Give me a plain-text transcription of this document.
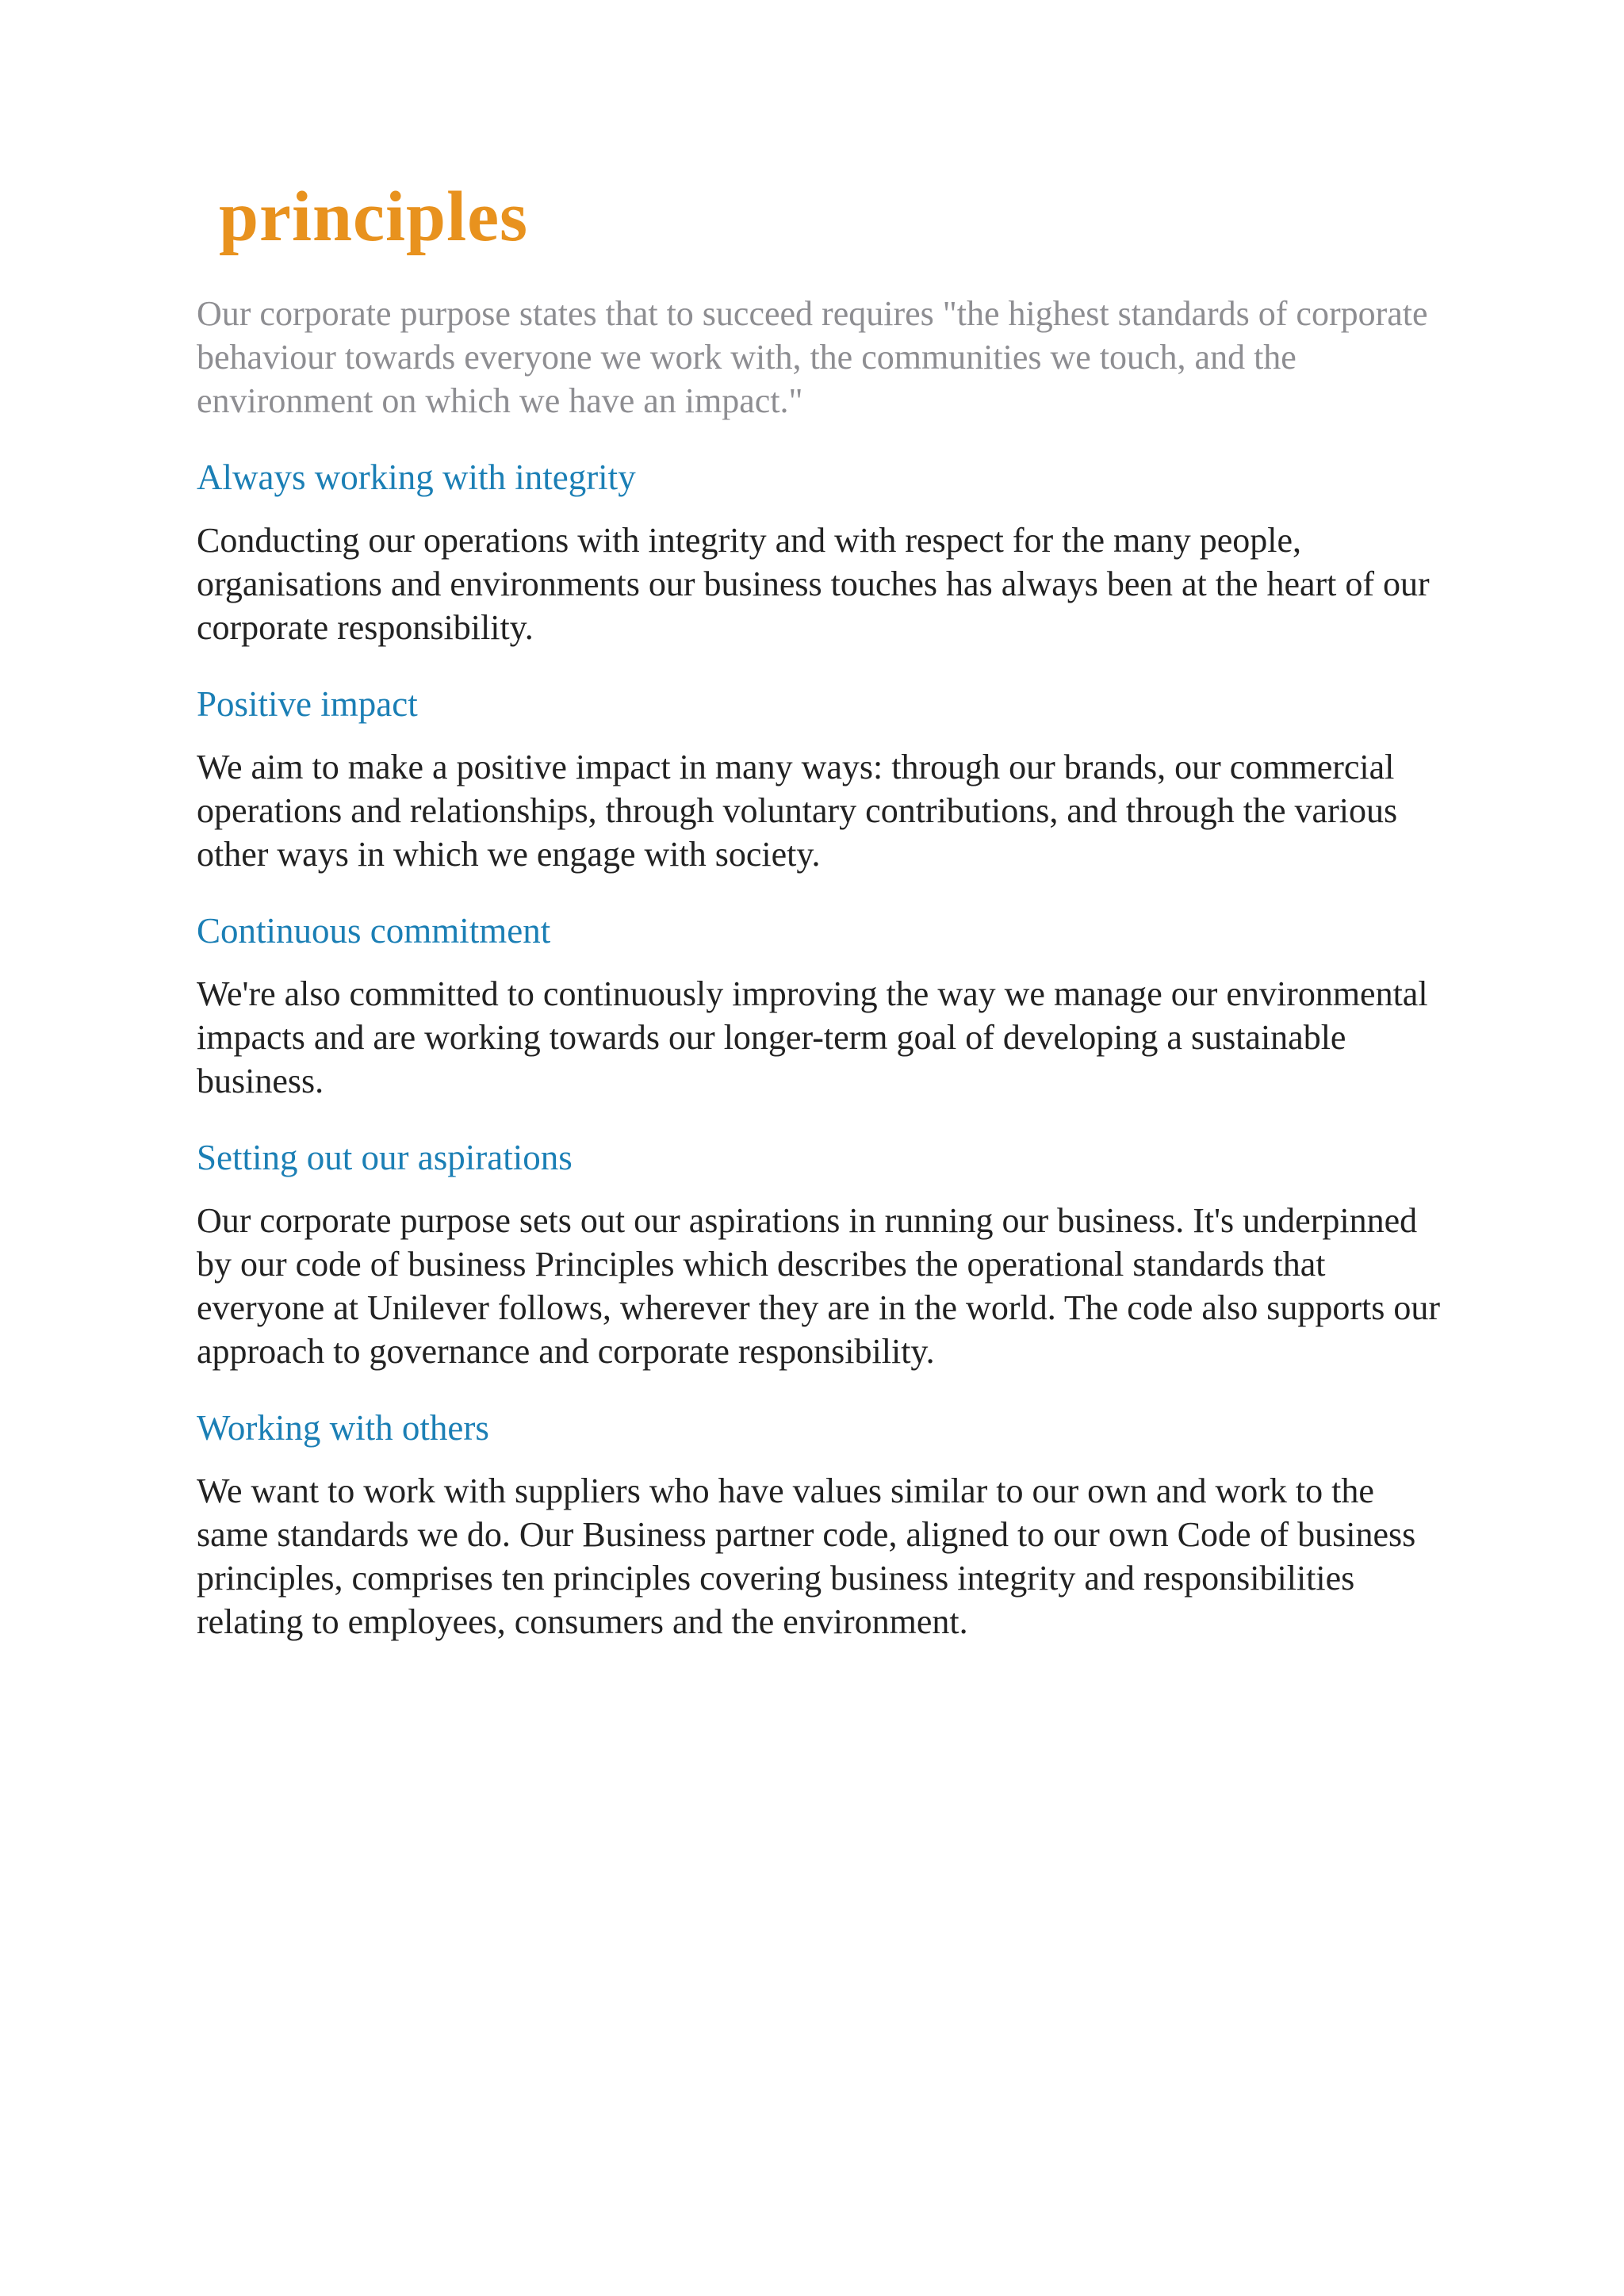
principles

Our corporate purpose states that to succeed requires "the highest standards of corporate behaviour towards everyone we work with, the communities we touch, and the environment on which we have an impact."

Always working with integrity

Conducting our operations with integrity and with respect for the many people, organisations and environments our business touches has always been at the heart of our corporate responsibility.

Positive impact

We aim to make a positive impact in many ways: through our brands, our commercial operations and relationships, through voluntary contributions, and through the various other ways in which we engage with society.

Continuous commitment

We're also committed to continuously improving the way we manage our environmental impacts and are working towards our longer-term goal of developing a sustainable business.

Setting out our aspirations

Our corporate purpose sets out our aspirations in running our business. It's underpinned by our code of business Principles which describes the operational standards that everyone at Unilever follows, wherever they are in the world. The code also supports our approach to governance and corporate responsibility.

Working with others

We want to work with suppliers who have values similar to our own and work to the same standards we do. Our Business partner code, aligned to our own Code of business principles, comprises ten principles covering business integrity and responsibilities relating to employees, consumers and the environment.
